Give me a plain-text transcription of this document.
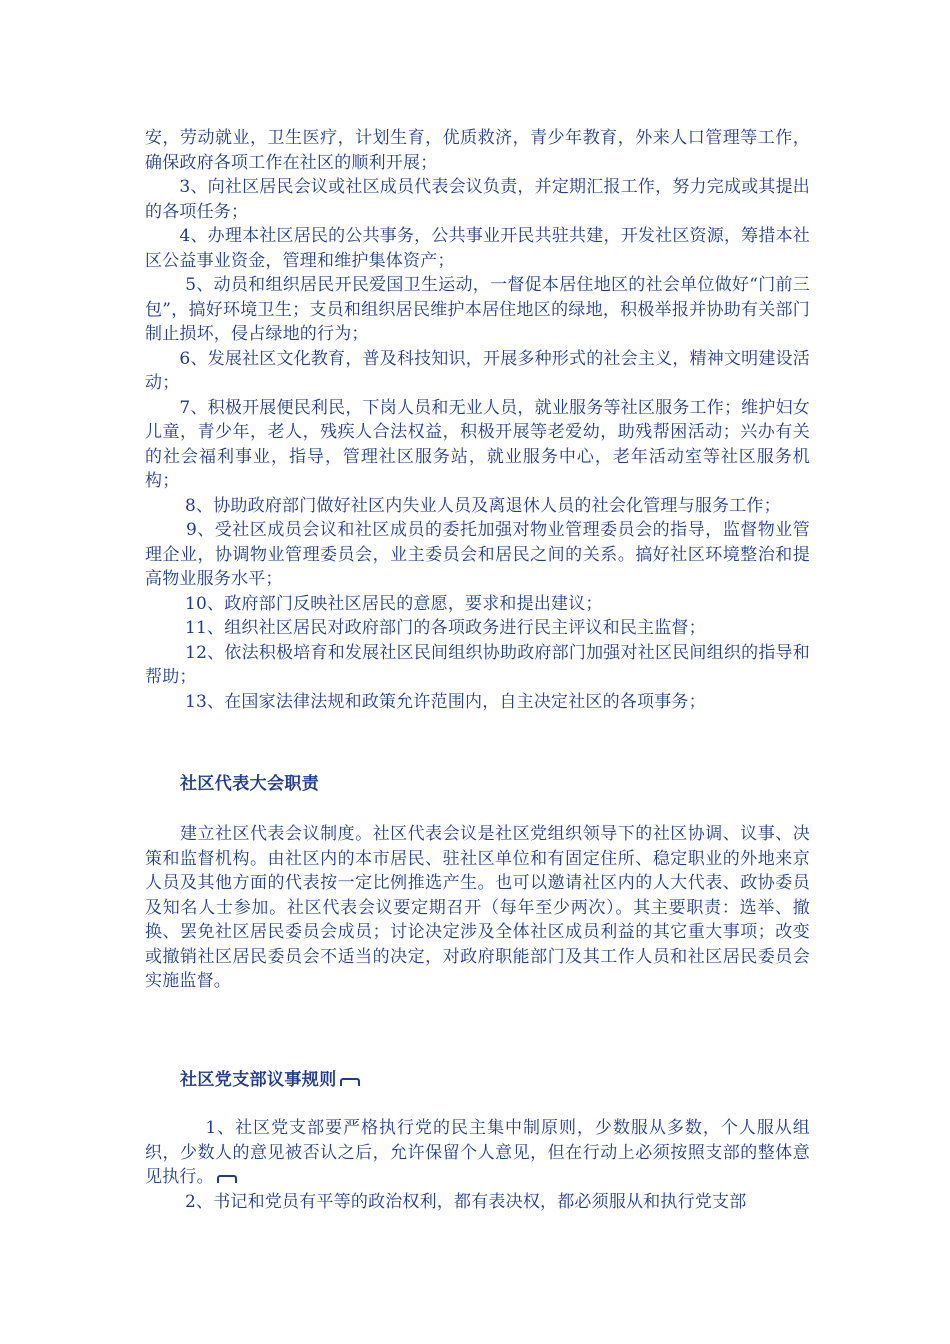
安，劳动就业，卫生医疗，计划生育，优质救济，青少年教育，外来人口管理等工作，确保政府各项工作在社区的顺利开展；

　　3、向社区居民会议或社区成员代表会议负责，并定期汇报工作，努力完成或其提出的各项任务；

　　4、办理本社区居民的公共事务，公共事业开民共驻共建，开发社区资源，筹措本社区公益事业资金，管理和维护集体资产；

　　 5、动员和组织居民开民爱国卫生运动，一督促本居住地区的社会单位做好“门前三包”，搞好环境卫生；支员和组织居民维护本居住地区的绿地，积极举报并协助有关部门制止损坏，侵占绿地的行为；

　　6、发展社区文化教育，普及科技知识，开展多种形式的社会主义，精神文明建设活动；

　　7、积极开展便民利民，下岗人员和无业人员，就业服务等社区服务工作；维护妇女儿童，青少年，老人，残疾人合法权益，积极开展等老爱幼，助残帮困活动；兴办有关的社会福利事业，指导，管理社区服务站，就业服务中心，老年活动室等社区服务机构；

　　 8、协助政府部门做好社区内失业人员及离退休人员的社会化管理与服务工作；

　　 9、受社区成员会议和社区成员的委托加强对物业管理委员会的指导，监督物业管理企业，协调物业管理委员会，业主委员会和居民之间的关系。搞好社区环境整治和提高物业服务水平；

　　 10、政府部门反映社区居民的意愿，要求和提出建议；

　　 11、组织社区居民对政府部门的各项政务进行民主评议和民主监督；

　　 12、依法积极培育和发展社区民间组织协助政府部门加强对社区民间组织的指导和帮助；

　　 13、在国家法律法规和政策允许范围内，自主决定社区的各项事务；

社区代表大会职责

　　建立社区代表会议制度。社区代表会议是社区党组织领导下的社区协调、议事、决策和监督机构。由社区内的本市居民、驻社区单位和有固定住所、稳定职业的外地来京人员及其他方面的代表按一定比例推选产生。也可以邀请社区内的人大代表、政协委员及知名人士参加。社区代表会议要定期召开（每年至少两次）。其主要职责：选举、撤换、罢免社区居民委员会成员；讨论决定涉及全体社区成员利益的其它重大事项；改变或撤销社区居民委员会不适当的决定，对政府职能部门及其工作人员和社区居民委员会实施监督。

社区党支部议事规则

　　　 1、社区党支部要严格执行党的民主集中制原则，少数服从多数，个人服从组织，少数人的意见被否认之后，允许保留个人意见，但在行动上必须按照支部的整体意见执行。

　　 2、书记和党员有平等的政治权利，都有表决权，都必须服从和执行党支部
